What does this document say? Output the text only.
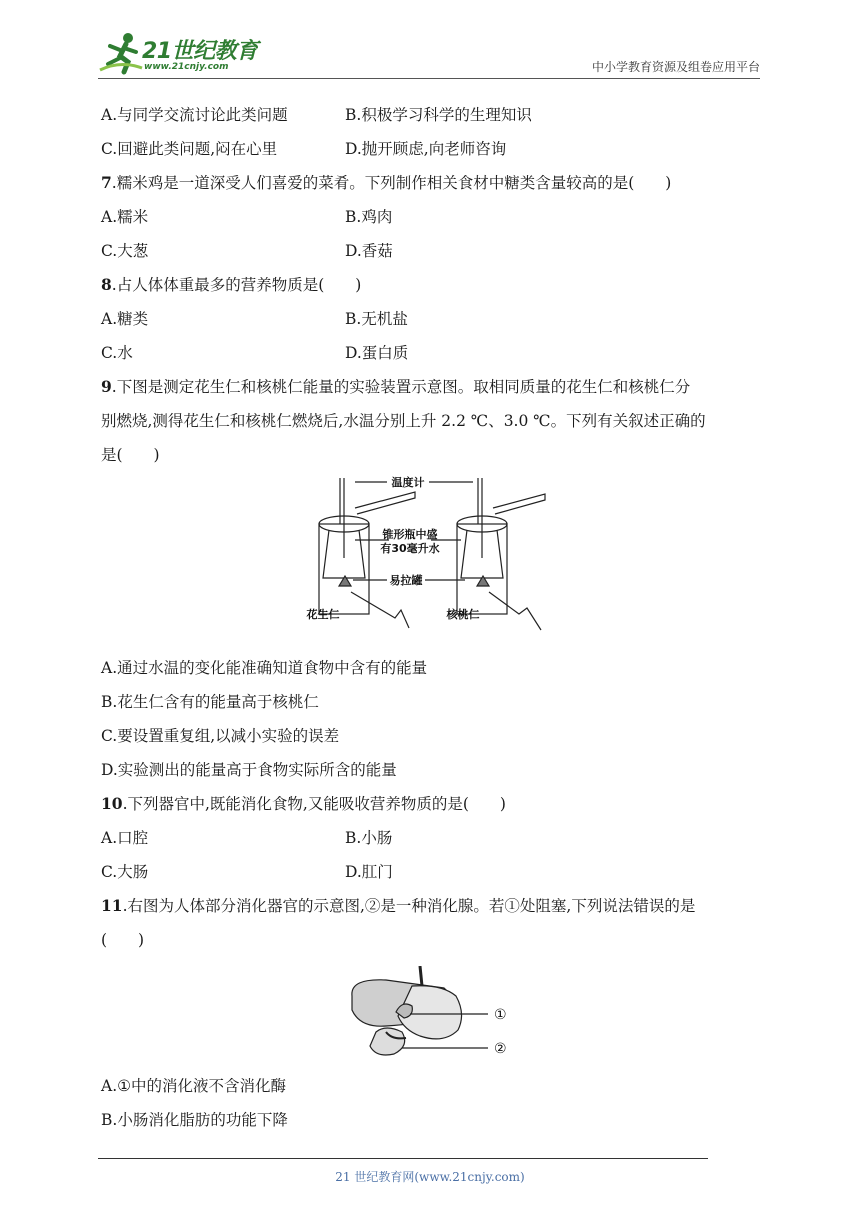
21世纪教育
www.21cnjy.com	中小学教育资源及组卷应用平台
A.与同学交流讨论此类问题	B.积极学习科学的生理知识
C.回避此类问题,闷在心里	D.抛开顾虑,向老师咨询
7.糯米鸡是一道深受人们喜爱的菜肴。下列制作相关食材中糖类含量较高的是(　　)
A.糯米	B.鸡肉
C.大葱	D.香菇
8.占人体体重最多的营养物质是(　　)
A.糖类	B.无机盐
C.水	D.蛋白质
9.下图是测定花生仁和核桃仁能量的实验装置示意图。取相同质量的花生仁和核桃仁分
别燃烧,测得花生仁和核桃仁燃烧后,水温分别上升 2.2 ℃、3.0 ℃。下列有关叙述正确的
是(　　)
温度计
锥形瓶中盛
有30毫升水
易拉罐
花生仁	核桃仁
A.通过水温的变化能准确知道食物中含有的能量
B.花生仁含有的能量高于核桃仁
C.要设置重复组,以减小实验的误差
D.实验测出的能量高于食物实际所含的能量
10.下列器官中,既能消化食物,又能吸收营养物质的是(　　)
A.口腔	B.小肠
C.大肠	D.肛门
11.右图为人体部分消化器官的示意图,②是一种消化腺。若①处阻塞,下列说法错误的是
(　　)
①
②
A.①中的消化液不含消化酶
B.小肠消化脂肪的功能下降
21 世纪教育网(www.21cnjy.com)
